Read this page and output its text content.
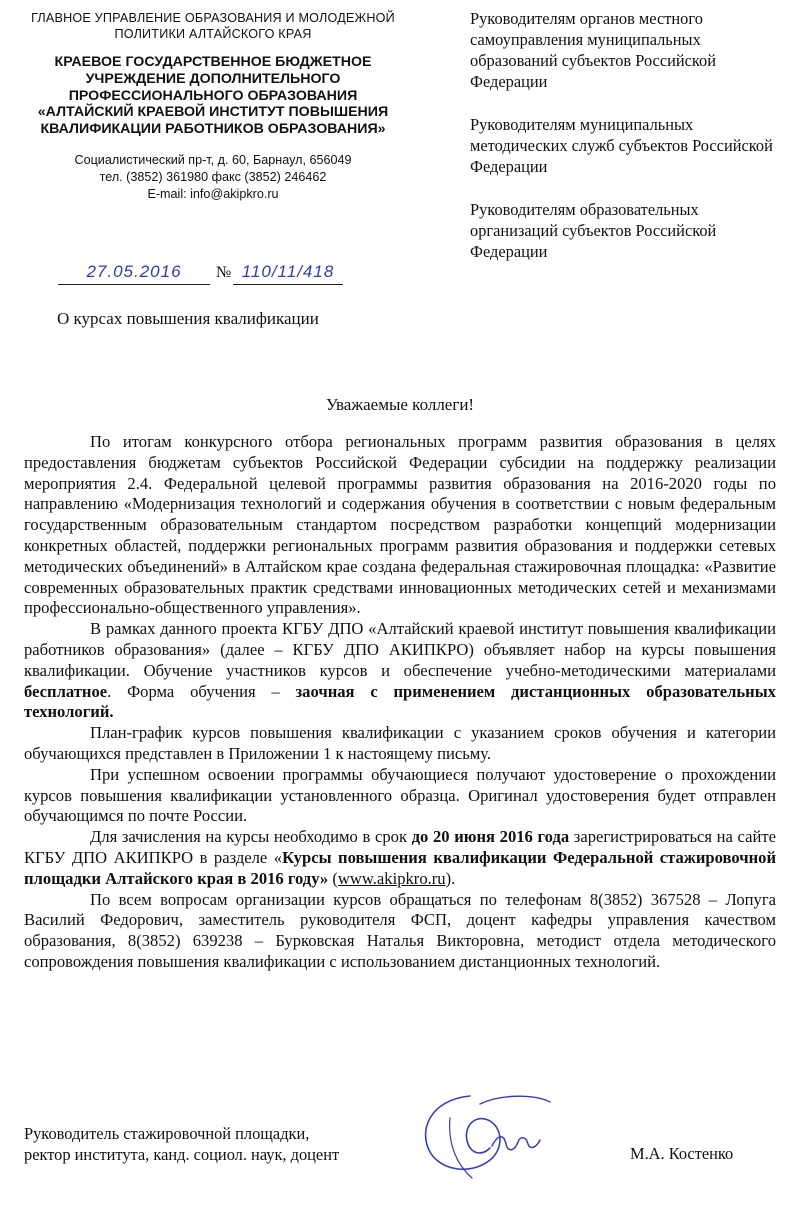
ГЛАВНОЕ УПРАВЛЕНИЕ ОБРАЗОВАНИЯ И МОЛОДЕЖНОЙ ПОЛИТИКИ АЛТАЙСКОГО КРАЯ
КРАЕВОЕ ГОСУДАРСТВЕННОЕ БЮДЖЕТНОЕ УЧРЕЖДЕНИЕ ДОПОЛНИТЕЛЬНОГО ПРОФЕССИОНАЛЬНОГО ОБРАЗОВАНИЯ «АЛТАЙСКИЙ КРАЕВОЙ ИНСТИТУТ ПОВЫШЕНИЯ КВАЛИФИКАЦИИ РАБОТНИКОВ ОБРАЗОВАНИЯ»
Социалистический пр-т, д. 60, Барнаул, 656049
тел. (3852) 361980 факс (3852) 246462
E-mail: info@akipkro.ru
27.05.2016	№ 110/11/418
О курсах повышения квалификации

Руководителям органов местного самоуправления муниципальных образований субъектов Российской Федерации

Руководителям муниципальных методических служб субъектов Российской Федерации

Руководителям образовательных организаций субъектов Российской Федерации

Уважаемые коллеги!

По итогам конкурсного отбора региональных программ развития образования в целях предоставления бюджетам субъектов Российской Федерации субсидии на поддержку реализации мероприятия 2.4. Федеральной целевой программы развития образования на 2016-2020 годы по направлению «Модернизация технологий и содержания обучения в соответствии с новым федеральным государственным образовательным стандартом посредством разработки концепций модернизации конкретных областей, поддержки региональных программ развития образования и поддержки сетевых методических объединений» в Алтайском крае создана федеральная стажировочная площадка: «Развитие современных образовательных практик средствами инновационных методических сетей и механизмами профессионально-общественного управления».

В рамках данного проекта КГБУ ДПО «Алтайский краевой институт повышения квалификации работников образования» (далее – КГБУ ДПО АКИПКРО) объявляет набор на курсы повышения квалификации. Обучение участников курсов и обеспечение учебно-методическими материалами бесплатное. Форма обучения – заочная с применением дистанционных образовательных технологий.

План-график курсов повышения квалификации с указанием сроков обучения и категории обучающихся представлен в Приложении 1 к настоящему письму.

При успешном освоении программы обучающиеся получают удостоверение о прохождении курсов повышения квалификации установленного образца. Оригинал удостоверения будет отправлен обучающимся по почте России.

Для зачисления на курсы необходимо в срок до 20 июня 2016 года зарегистрироваться на сайте КГБУ ДПО АКИПКРО в разделе «Курсы повышения квалификации Федеральной стажировочной площадки Алтайского края в 2016 году» (www.akipkro.ru).

По всем вопросам организации курсов обращаться по телефонам 8(3852) 367528 – Лопуга Василий Федорович, заместитель руководителя ФСП, доцент кафедры управления качеством образования, 8(3852) 639238 – Бурковская Наталья Викторовна, методист отдела методического сопровождения повышения квалификации с использованием дистанционных технологий.

Руководитель стажировочной площадки,
ректор института, канд. социол. наук, доцент	М.А. Костенко
